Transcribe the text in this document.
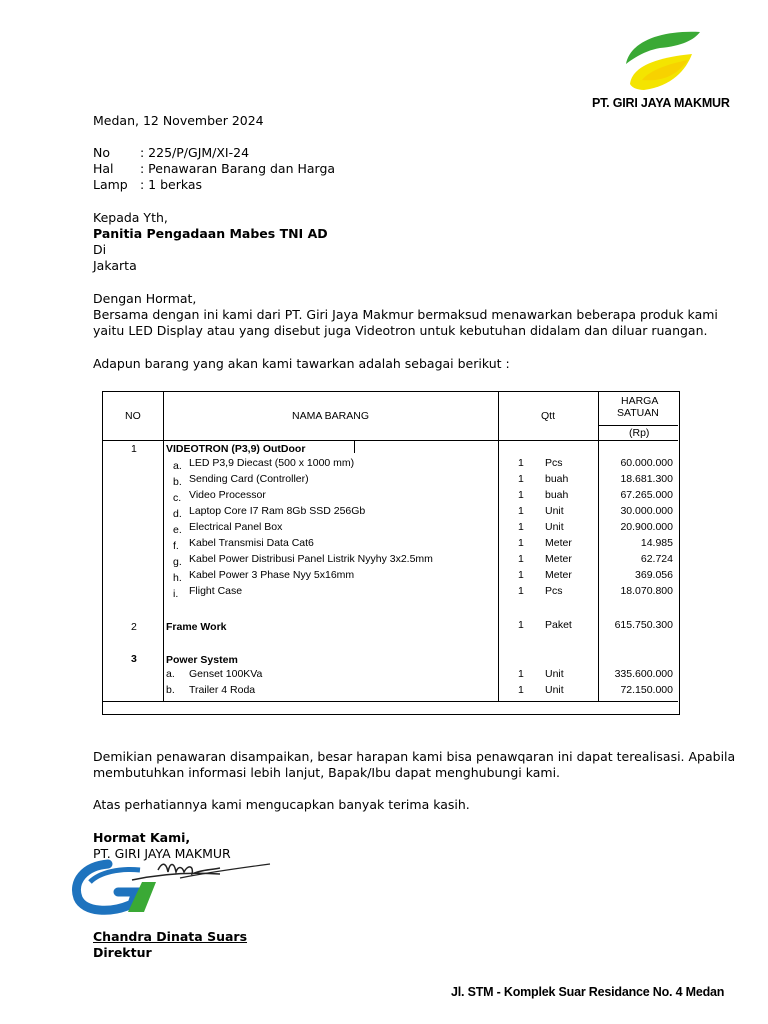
PT. GIRI JAYA MAKMUR
Medan, 12 November 2024
No : 225/P/GJM/XI-24
Hal : Penawaran Barang dan Harga
Lamp : 1 berkas
Kepada Yth,
Panitia Pengadaan Mabes TNI AD
Di
Jakarta
Dengan Hormat,
Bersama dengan ini kami dari PT. Giri Jaya Makmur bermaksud menawarkan beberapa produk kami
yaitu LED Display atau yang disebut juga Videotron untuk kebutuhan didalam dan diluar ruangan.
Adapun barang yang akan kami tawarkan adalah sebagai berikut :
NO	NAMA BARANG	Qtt
HARGA
SATUAN
(Rp)
1	VIDEOTRON (P3,9) OutDoor
a. LED P3,9 Diecast (500 x 1000 mm)	1 Pcs	60.000.000
b. Sending Card (Controller)	1 buah	18.681.300
c. Video Processor	1 buah	67.265.000
d. Laptop Core I7 Ram 8Gb SSD 256Gb	1 Unit	30.000.000
e. Electrical Panel Box	1 Unit	20.900.000
f. Kabel Transmisi Data Cat6	1 Meter	14.985
g. Kabel Power Distribusi Panel Listrik Nyyhy 3x2.5mm	1 Meter	62.724
h. Kabel Power 3 Phase Nyy 5x16mm	1 Meter	369.056
i. Flight Case	1 Pcs	18.070.800
2	Frame Work	1 Paket	615.750.300
3	Power System
a. Genset 100KVa	1 Unit	335.600.000
b. Trailer 4 Roda	1 Unit	72.150.000
Demikian penawaran disampaikan, besar harapan kami bisa penawqaran ini dapat terealisasi. Apabila
membutuhkan informasi lebih lanjut, Bapak/Ibu dapat menghubungi kami.
Atas perhatiannya kami mengucapkan banyak terima kasih.
Hormat Kami,
PT. GIRI JAYA MAKMUR
Chandra Dinata Suars
Direktur
Jl. STM - Komplek Suar Residance No. 4 Medan
